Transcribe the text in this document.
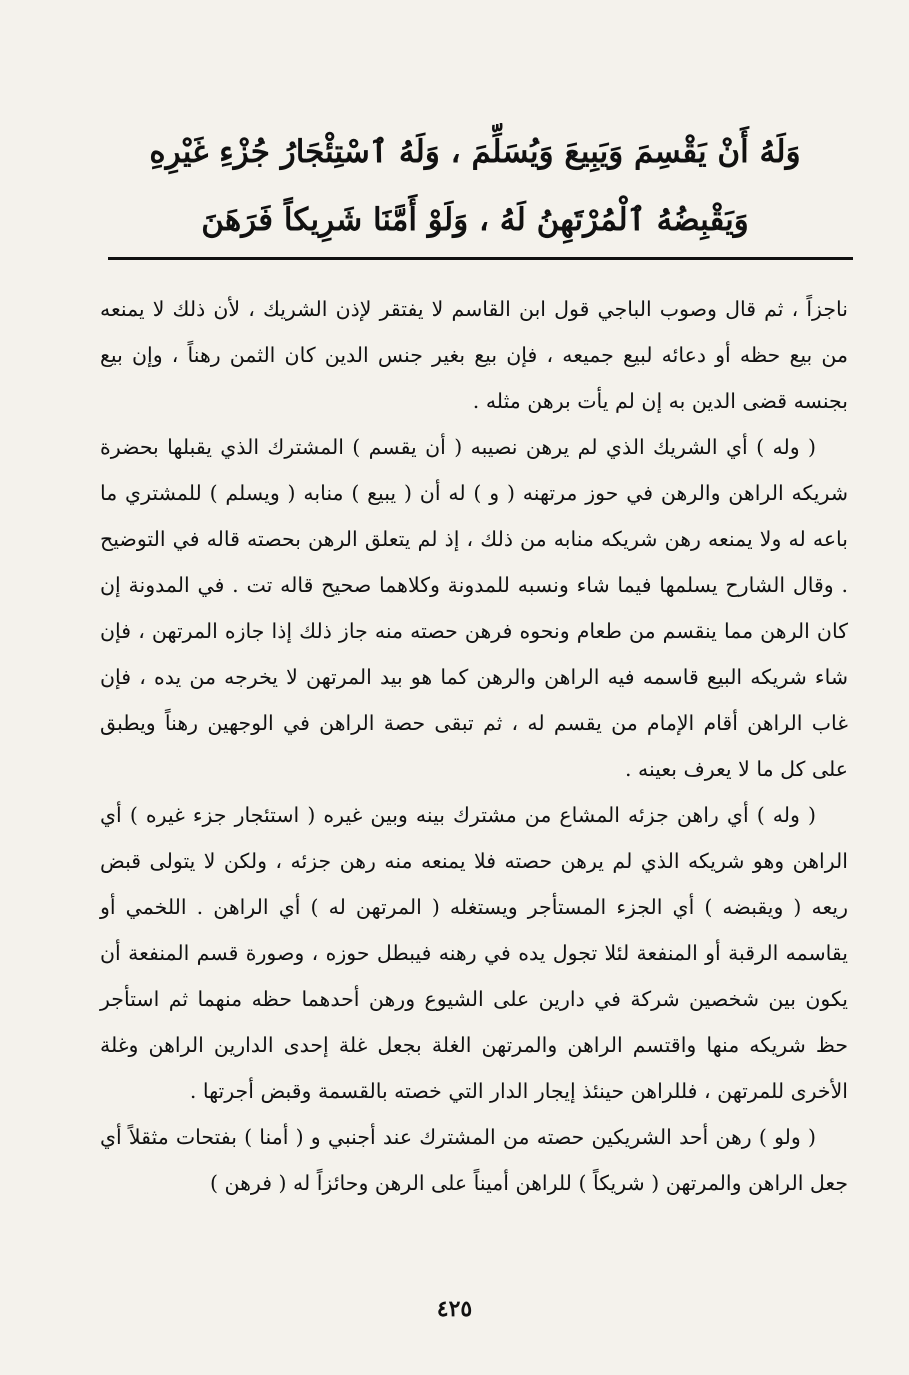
وَلَهُ أَنْ يَقْسِمَ وَيَبِيعَ وَيُسَلِّمَ ، وَلَهُ ٱسْتِئْجَارُ جُزْءِ غَيْرِهِ
وَيَقْبِضُهُ ٱلْمُرْتَهِنُ لَهُ ، وَلَوْ أَمَّنَا شَرِيكاً فَرَهَنَ

ناجزاً ، ثم قال وصوب الباجي قول ابن القاسم لا يفتقر لإذن الشريك ، لأن ذلك لا يمنعه من بيع حظه أو دعائه لبيع جميعه ، فإن بيع بغير جنس الدين كان الثمن رهناً ، وإن بيع بجنسه قضى الدين به إن لم يأت برهن مثله .

( وله ) أي الشريك الذي لم يرهن نصيبه ( أن يقسم ) المشترك الذي يقبلها بحضرة شريكه الراهن والرهن في حوز مرتهنه ( و ) له أن ( يبيع ) منابه ( ويسلم ) للمشتري ما باعه له ولا يمنعه رهن شريكه منابه من ذلك ، إذ لم يتعلق الرهن بحصته قاله في التوضيح . وقال الشارح يسلمها فيما شاء ونسبه للمدونة وكلاهما صحيح قاله تت . في المدونة إن كان الرهن مما ينقسم من طعام ونحوه فرهن حصته منه جاز ذلك إذا جازه المرتهن ، فإن شاء شريكه البيع قاسمه فيه الراهن والرهن كما هو بيد المرتهن لا يخرجه من يده ، فإن غاب الراهن أقام الإمام من يقسم له ، ثم تبقى حصة الراهن في الوجهين رهناً ويطبق على كل ما لا يعرف بعينه .

( وله ) أي راهن جزئه المشاع من مشترك بينه وبين غيره ( استئجار جزء غيره ) أي الراهن وهو شريكه الذي لم يرهن حصته فلا يمنعه منه رهن جزئه ، ولكن لا يتولى قبض ريعه ( ويقبضه ) أي الجزء المستأجر ويستغله ( المرتهن له ) أي الراهن . اللخمي أو يقاسمه الرقبة أو المنفعة لئلا تجول يده في رهنه فيبطل حوزه ، وصورة قسم المنفعة أن يكون بين شخصين شركة في دارين على الشيوع ورهن أحدهما حظه منهما ثم استأجر حظ شريكه منها واقتسم الراهن والمرتهن الغلة بجعل غلة إحدى الدارين الراهن وغلة الأخرى للمرتهن ، فللراهن حينئذ إيجار الدار التي خصته بالقسمة وقبض أجرتها .

( ولو ) رهن أحد الشريكين حصته من المشترك عند أجنبي و ( أمنا ) بفتحات مثقلاً أي جعل الراهن والمرتهن ( شريكاً ) للراهن أميناً على الرهن وحائزاً له ( فرهن )

٤٢٥
